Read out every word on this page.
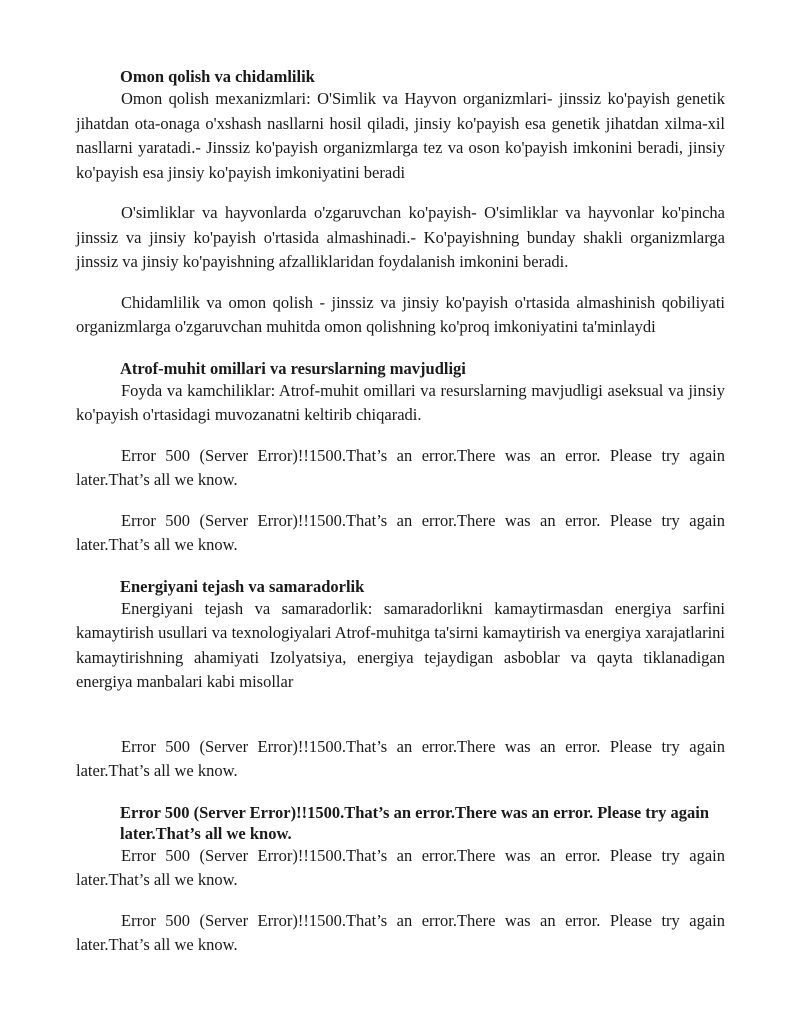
Omon qolish va chidamlilik

Omon qolish mexanizmlari: O'Simlik va Hayvon organizmlari- jinssiz ko'payish genetik jihatdan ota-onaga o'xshash nasllarni hosil qiladi, jinsiy ko'payish esa genetik jihatdan xilma-xil nasllarni yaratadi.- Jinssiz ko'payish organizmlarga tez va oson ko'payish imkonini beradi, jinsiy ko'payish esa jinsiy ko'payish imkoniyatini beradi

O'simliklar va hayvonlarda o'zgaruvchan ko'payish- O'simliklar va hayvonlar ko'pincha jinssiz va jinsiy ko'payish o'rtasida almashinadi.- Ko'payishning bunday shakli organizmlarga jinssiz va jinsiy ko'payishning afzalliklaridan foydalanish imkonini beradi.

Chidamlilik va omon qolish - jinssiz va jinsiy ko'payish o'rtasida almashinish qobiliyati organizmlarga o'zgaruvchan muhitda omon qolishning ko'proq imkoniyatini ta'minlaydi

Atrof-muhit omillari va resurslarning mavjudligi

Foyda va kamchiliklar: Atrof-muhit omillari va resurslarning mavjudligi aseksual va jinsiy ko'payish o'rtasidagi muvozanatni keltirib chiqaradi.

Error 500 (Server Error)!!1500.That’s an error.There was an error. Please try again later.That’s all we know.

Error 500 (Server Error)!!1500.That’s an error.There was an error. Please try again later.That’s all we know.

Energiyani tejash va samaradorlik

Energiyani tejash va samaradorlik: samaradorlikni kamaytirmasdan energiya sarfini kamaytirish usullari va texnologiyalari Atrof-muhitga ta'sirni kamaytirish va energiya xarajatlarini kamaytirishning ahamiyati Izolyatsiya, energiya tejaydigan asboblar va qayta tiklanadigan energiya manbalari kabi misollar

Error 500 (Server Error)!!1500.That’s an error.There was an error. Please try again later.That’s all we know.

Error 500 (Server Error)!!1500.That’s an error.There was an error. Please try again later.That’s all we know.

Error 500 (Server Error)!!1500.That’s an error.There was an error. Please try again later.That’s all we know.

Error 500 (Server Error)!!1500.That’s an error.There was an error. Please try again later.That’s all we know.
